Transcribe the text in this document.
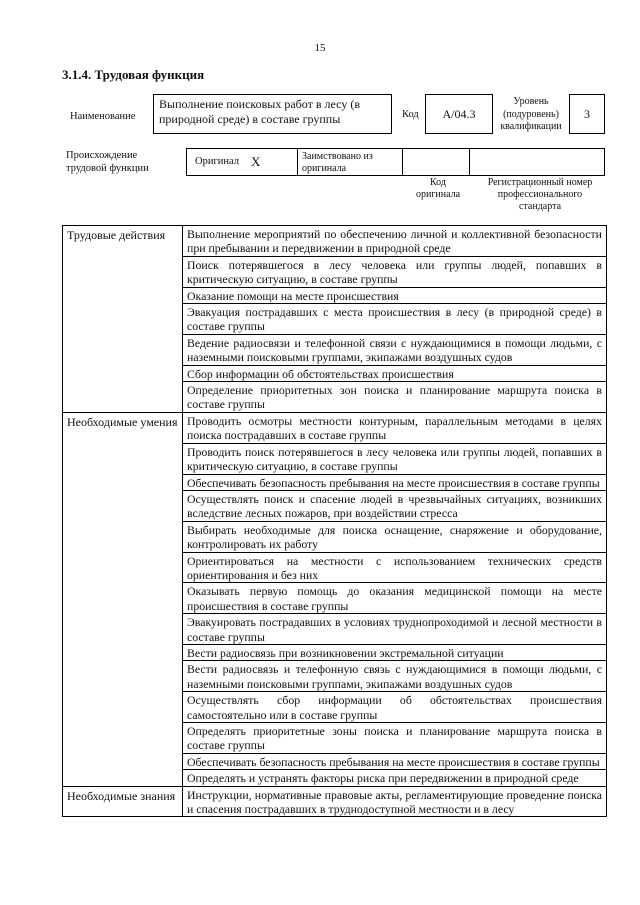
15
3.1.4. Трудовая функция
Наименование
Выполнение поисковых работ в лесу (в природной среде) в составе группы	Код A/04.3
Уровень (подуровень) квалификации
3
Происхождение трудовой функции
Оригинал X	Заимствовано из оригинала
Код оригинала
Регистрационный номер профессионального стандарта
Трудовые действия	Выполнение мероприятий по обеспечению личной и коллективной безопасности при пребывании и передвижении в природной среде
	Поиск потерявшегося в лесу человека или группы людей, попавших в критическую ситуацию, в составе группы
	Оказание помощи на месте происшествия
	Эвакуация пострадавших с места происшествия в лесу (в природной среде) в составе группы
	Ведение радиосвязи и телефонной связи с нуждающимися в помощи людьми, с наземными поисковыми группами, экипажами воздушных судов
	Сбор информации об обстоятельствах происшествия
	Определение приоритетных зон поиска и планирование маршрута поиска в составе группы
Необходимые умения	Проводить осмотры местности контурным, параллельным методами в целях поиска пострадавших в составе группы
	Проводить поиск потерявшегося в лесу человека или группы людей, попавших в критическую ситуацию, в составе группы
	Обеспечивать безопасность пребывания на месте происшествия в составе группы
	Осуществлять поиск и спасение людей в чрезвычайных ситуациях, возникших вследствие лесных пожаров, при воздействии стресса
	Выбирать необходимые для поиска оснащение, снаряжение и оборудование, контролировать их работу
	Ориентироваться на местности с использованием технических средств ориентирования и без них
	Оказывать первую помощь до оказания медицинской помощи на месте происшествия в составе группы
	Эвакуировать пострадавших в условиях труднопроходимой и лесной местности в составе группы
	Вести радиосвязь при возникновении экстремальной ситуации
	Вести радиосвязь и телефонную связь с нуждающимися в помощи людьми, с наземными поисковыми группами, экипажами воздушных судов
	Осуществлять сбор информации об обстоятельствах происшествия самостоятельно или в составе группы
	Определять приоритетные зоны поиска и планирование маршрута поиска в составе группы
	Обеспечивать безопасность пребывания на месте происшествия в составе группы
	Определять и устранять факторы риска при передвижении в природной среде
Необходимые знания	Инструкции, нормативные правовые акты, регламентирующие проведение поиска и спасения пострадавших в труднодоступной местности и в лесу
